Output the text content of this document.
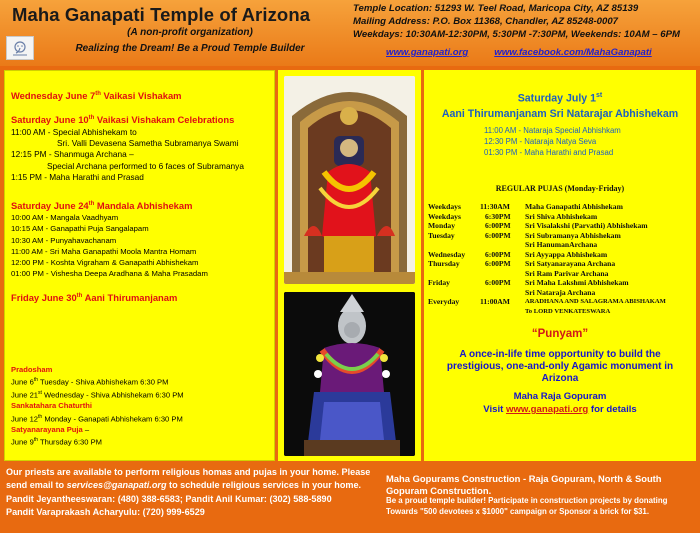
Maha Ganapati Temple of Arizona
(A non-profit organization)
Realizing the Dream! Be a Proud Temple Builder
Temple Location: 51293 W. Teel Road, Maricopa City, AZ 85139
Mailing Address: P.O. Box 11368, Chandler, AZ 85248-0007
Weekdays: 10:30AM-12:30PM, 5:30PM -7:30PM, Weekends: 10AM – 6PM
www.ganapati.org	www.facebook.com/MahaGanapati
Wednesday June 7th Vaikasi Vishakam
Saturday June 10th Vaikasi Vishakam Celebrations
11:00 AM - Special Abhishekam to
Sri. Valli Devasena Sametha Subramanya Swami
12:15 PM - Shanmuga Archana –
Special Archana performed to 6 faces of Subramanya
1:15 PM - Maha Harathi and Prasad
Saturday June 24th Mandala Abhishekam
10:00 AM - Mangala Vaadhyam
10:15 AM - Ganapathi Puja Sangalapam
10:30 AM - Punyahavachanam
11:00 AM - Sri Maha Ganapathi Moola Mantra Homam
12:00 PM - Koshta Vigraham & Ganapathi Abhishekam
01:00 PM - Vishesha Deepa Aradhana & Maha Prasadam
Friday June 30th Aani Thirumanjanam
Pradosham
June 6th Tuesday - Shiva Abhishekam 6:30 PM
June 21st Wednesday - Shiva Abhishekam 6:30 PM
Sankatahara Chaturthi
June 12th Monday - Ganapati Abhishekam 6:30 PM
Satyanarayana Puja –
June 9th Thursday 6:30 PM
Saturday July 1st
Aani Thirumanjanam Sri Natarajar Abhishekam
11:00 AM - Nataraja Special Abhishkam
12:30 PM - Nataraja Natya Seva
01:30 PM - Maha Harathi and Prasad
REGULAR PUJAS (Monday-Friday)
Weekdays	11:30AM	Maha Ganapathi Abhishekam
Weekdays	6:30PM	Sri Shiva Abhishekam
Monday	6:00PM	Sri Visalakshi (Parvathi) Abhishekam
Tuesday	6:00PM	Sri Subramanya Abhishekam
Sri HanumanArchana
Wednesday	6:00PM	Sri Ayyappa Abhishekam
Thursday	6:00PM	Sri Satyanarayana Archana
Sri Ram Parivar Archana
Friday	6:00PM	Sri Maha Lakshmi Abhishekam
Sri Nataraja Archana
Everyday	11:00AM	ARADHANA AND SALAGRAMA ABISHAKAM
To LORD VENKATESWARA
“Punyam”
A once-in-life time opportunity to build the prestigious, one-and-only Agamic monument in Arizona
Maha Raja Gopuram
Visit www.ganapati.org for details
Our priests are available to perform religious homas and pujas in your home. Please send email to services@ganapati.org to schedule religious services in your home.
Pandit Jeyantheeswaran: (480) 388-6583; Pandit Anil Kumar: (302) 588-5890
Pandit Varaprakash Acharyulu: (720) 999-6529
Maha Gopurams Construction - Raja Gopuram, North & South Gopuram Construction.
Be a proud temple builder! Participate in construction projects by donating Towards "500 devotees x $1000" campaign or Sponsor a brick for $31.
